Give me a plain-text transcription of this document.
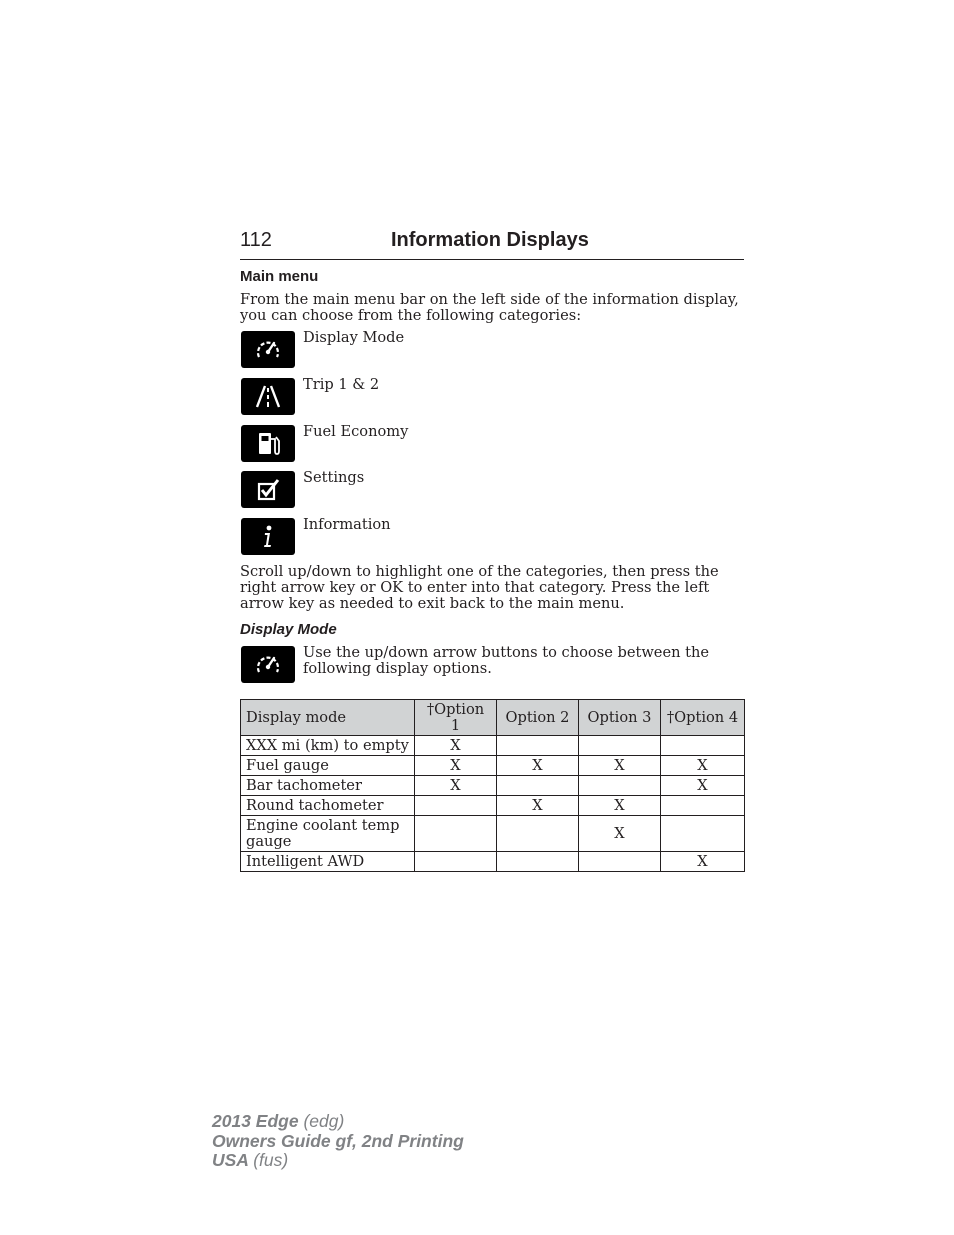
112	Information Displays
Main menu
From the main menu bar on the left side of the information display, you can choose from the following categories:
Display Mode
Trip 1 & 2
Fuel Economy
Settings
Information
Scroll up/down to highlight one of the categories, then press the right arrow key or OK to enter into that category. Press the left arrow key as needed to exit back to the main menu.
Display Mode
Use the up/down arrow buttons to choose between the following display options.
Display mode	†Option 1	Option 2	Option 3	†Option 4
XXX mi (km) to empty	X			
Fuel gauge	X	X	X	X
Bar tachometer	X			X
Round tachometer		X	X	
Engine coolant temp gauge			X	
Intelligent AWD				X
2013 Edge (edg)
Owners Guide gf, 2nd Printing
USA (fus)
